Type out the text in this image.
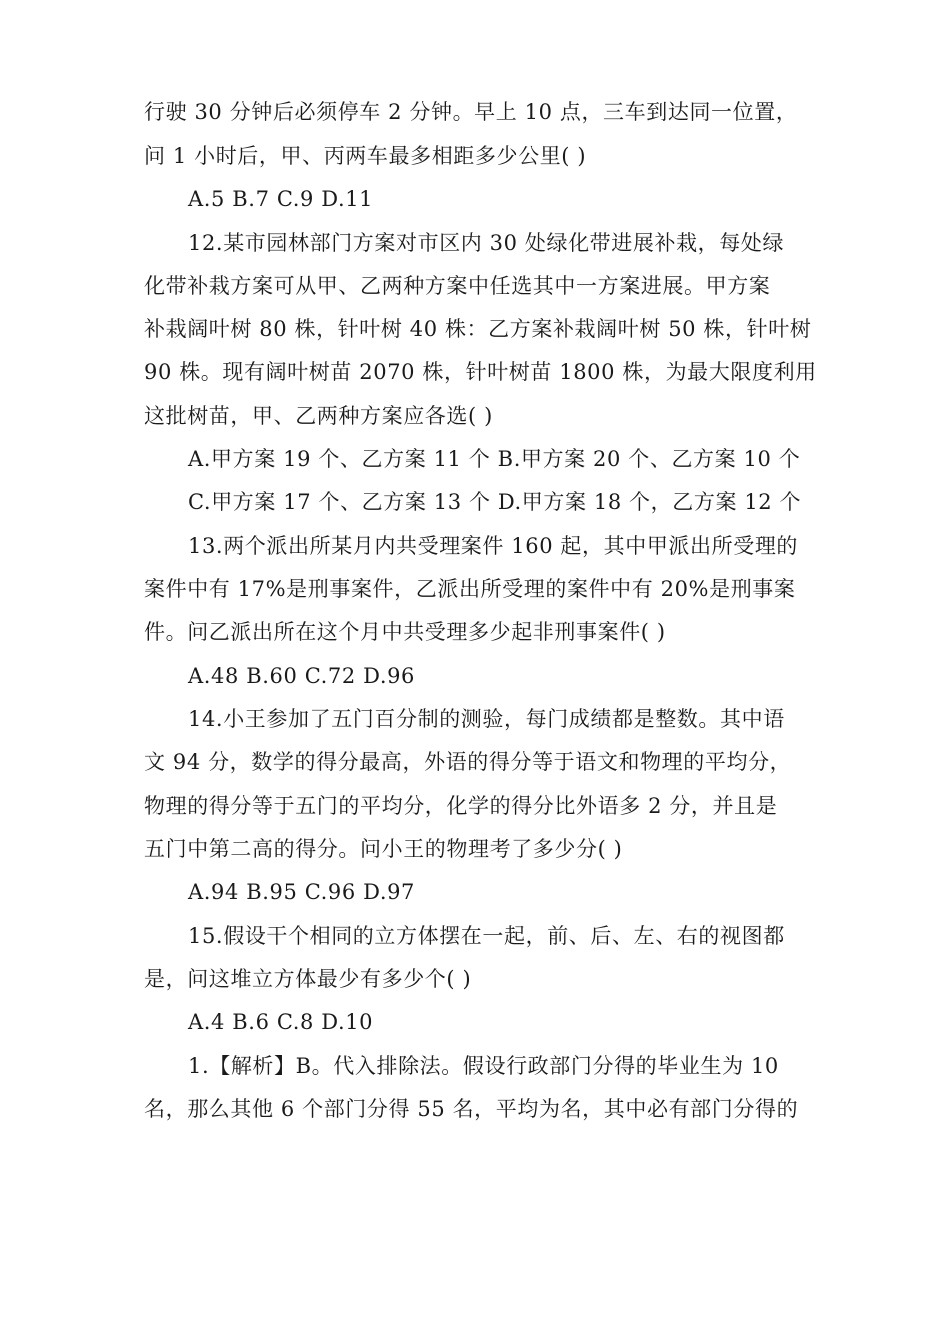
行驶 30 分钟后必须停车 2 分钟。早上 10 点，三车到达同一位置，
问 1 小时后，甲、丙两车最多相距多少公里( )
A.5 B.7 C.9 D.11
12.某市园林部门方案对市区内 30 处绿化带进展补栽，每处绿
化带补栽方案可从甲、乙两种方案中任选其中一方案进展。甲方案
补栽阔叶树 80 株，针叶树 40 株：乙方案补栽阔叶树 50 株，针叶树
90 株。现有阔叶树苗 2070 株，针叶树苗 1800 株，为最大限度利用
这批树苗，甲、乙两种方案应各选( )
A.甲方案 19 个、乙方案 11 个 B.甲方案 20 个、乙方案 10 个
C.甲方案 17 个、乙方案 13 个 D.甲方案 18 个，乙方案 12 个
13.两个派出所某月内共受理案件 160 起，其中甲派出所受理的
案件中有 17%是刑事案件，乙派出所受理的案件中有 20%是刑事案
件。问乙派出所在这个月中共受理多少起非刑事案件( )
A.48 B.60 C.72 D.96
14.小王参加了五门百分制的测验，每门成绩都是整数。其中语
文 94 分，数学的得分最高，外语的得分等于语文和物理的平均分，
物理的得分等于五门的平均分，化学的得分比外语多 2 分，并且是
五门中第二高的得分。问小王的物理考了多少分( )
A.94 B.95 C.96 D.97
15.假设干个相同的立方体摆在一起，前、后、左、右的视图都
是，问这堆立方体最少有多少个( )
A.4 B.6 C.8 D.10
1.【解析】B。代入排除法。假设行政部门分得的毕业生为 10
名，那么其他 6 个部门分得 55 名，平均为名，其中必有部门分得的
